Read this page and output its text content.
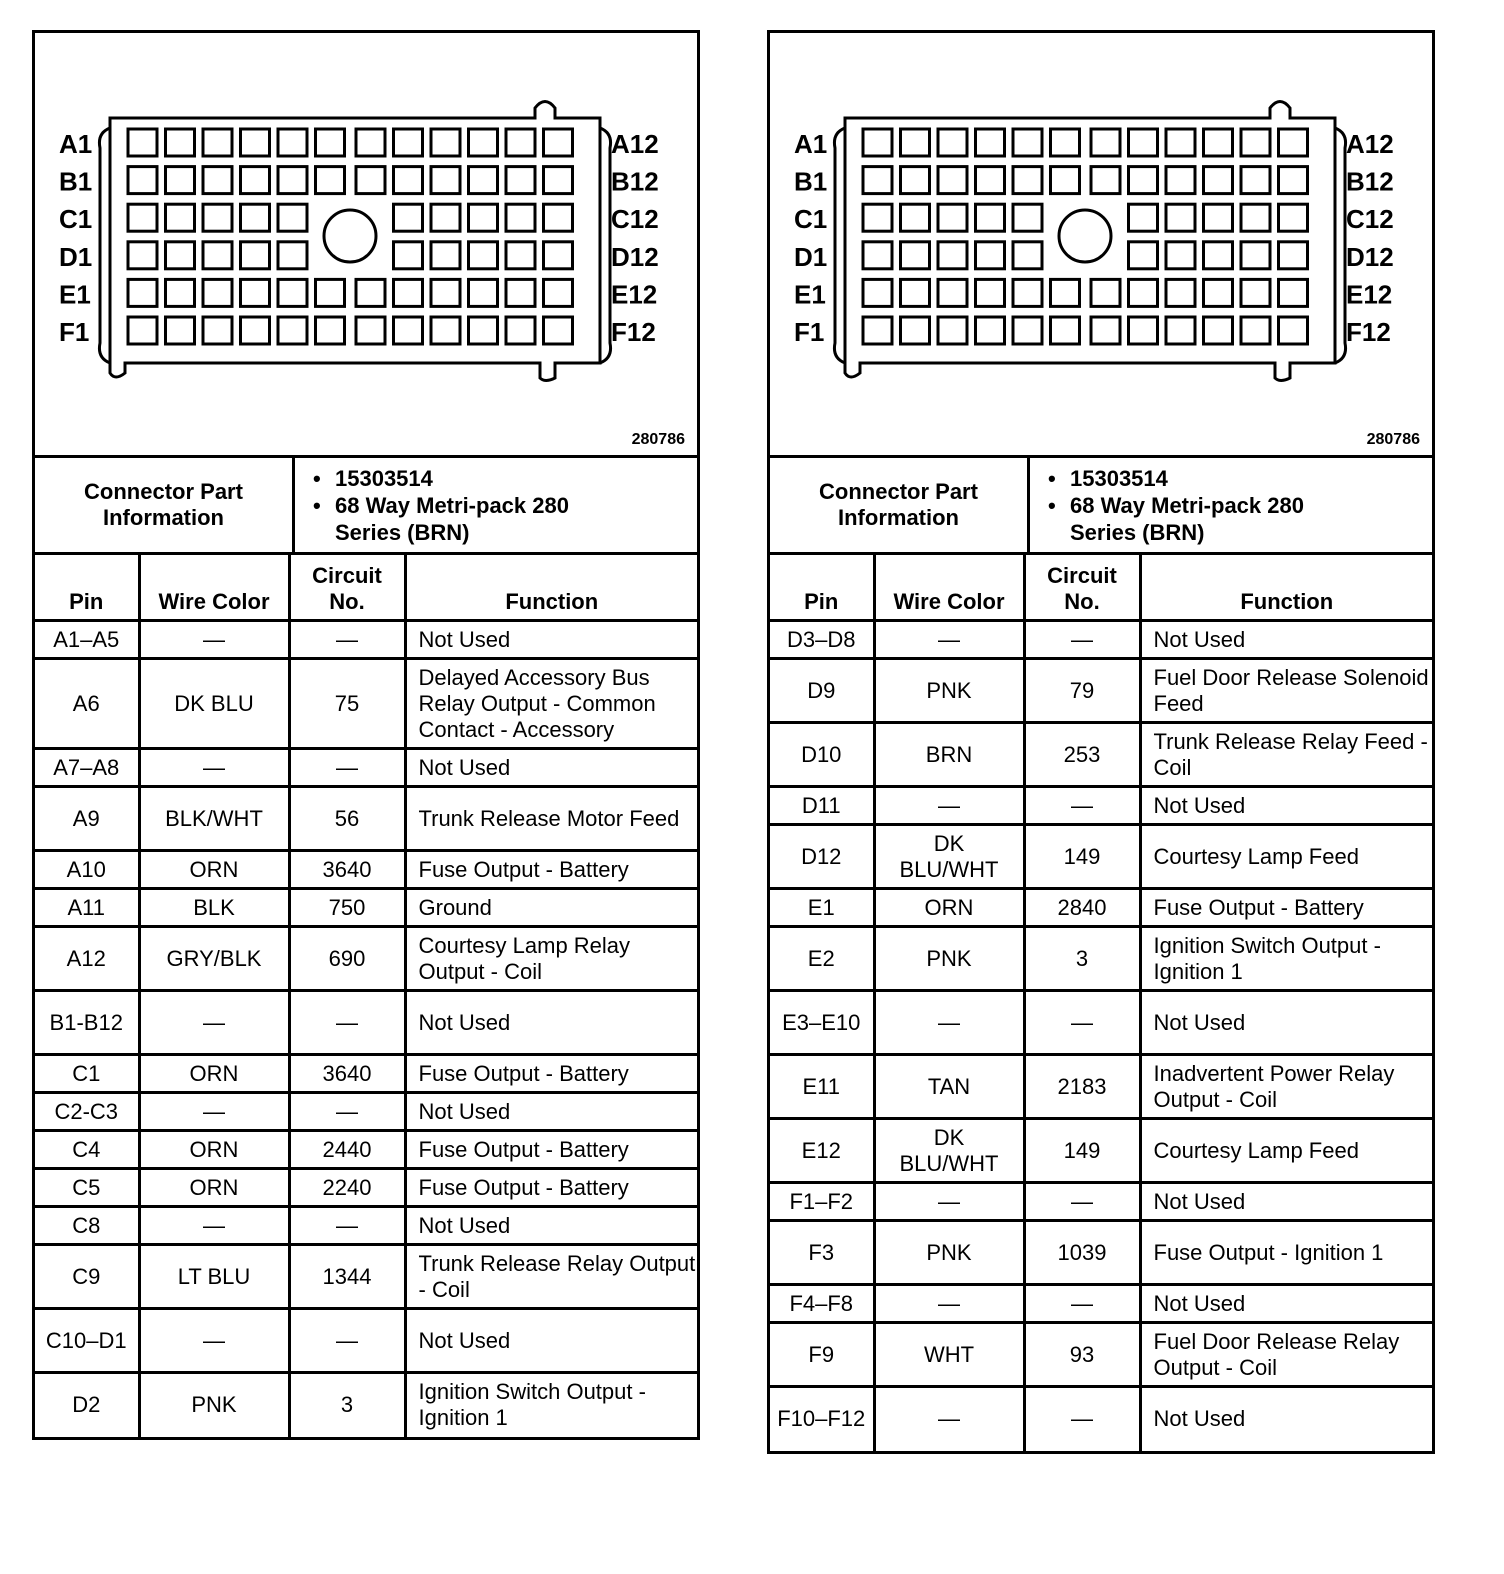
A1
B1
C1
D1
E1
F1
A12
B12
C12
D12
E12
F12
280786
Connector Part Information	
• 15303514
• 68 Way Metri-pack 280 Series (BRN)
Pin	Wire Color	Circuit No.	Function
A1–A5	—	—	Not Used
A6	DK BLU	75	Delayed Accessory Bus Relay Output - Common Contact - Accessory
A7–A8	—	—	Not Used
A9	BLK/WHT	56	Trunk Release Motor Feed
A10	ORN	3640	Fuse Output - Battery
A11	BLK	750	Ground
A12	GRY/BLK	690	Courtesy Lamp Relay Output - Coil
B1-B12	—	—	Not Used
C1	ORN	3640	Fuse Output - Battery
C2-C3	—	—	Not Used
C4	ORN	2440	Fuse Output - Battery
C5	ORN	2240	Fuse Output - Battery
C8	—	—	Not Used
C9	LT BLU	1344	Trunk Release Relay Output - Coil
C10–D1	—	—	Not Used
D2	PNK	3	Ignition Switch Output - Ignition 1
A1
B1
C1
D1
E1
F1
A12
B12
C12
D12
E12
F12
280786
Connector Part Information	
• 15303514
• 68 Way Metri-pack 280 Series (BRN)
Pin	Wire Color	Circuit No.	Function
D3–D8	—	—	Not Used
D9	PNK	79	Fuel Door Release Solenoid Feed
D10	BRN	253	Trunk Release Relay Feed - Coil
D11	—	—	Not Used
D12	DK BLU/WHT	149	Courtesy Lamp Feed
E1	ORN	2840	Fuse Output - Battery
E2	PNK	3	Ignition Switch Output - Ignition 1
E3–E10	—	—	Not Used
E11	TAN	2183	Inadvertent Power Relay Output - Coil
E12	DK BLU/WHT	149	Courtesy Lamp Feed
F1–F2	—	—	Not Used
F3	PNK	1039	Fuse Output - Ignition 1
F4–F8	—	—	Not Used
F9	WHT	93	Fuel Door Release Relay Output - Coil
F10–F12	—	—	Not Used
